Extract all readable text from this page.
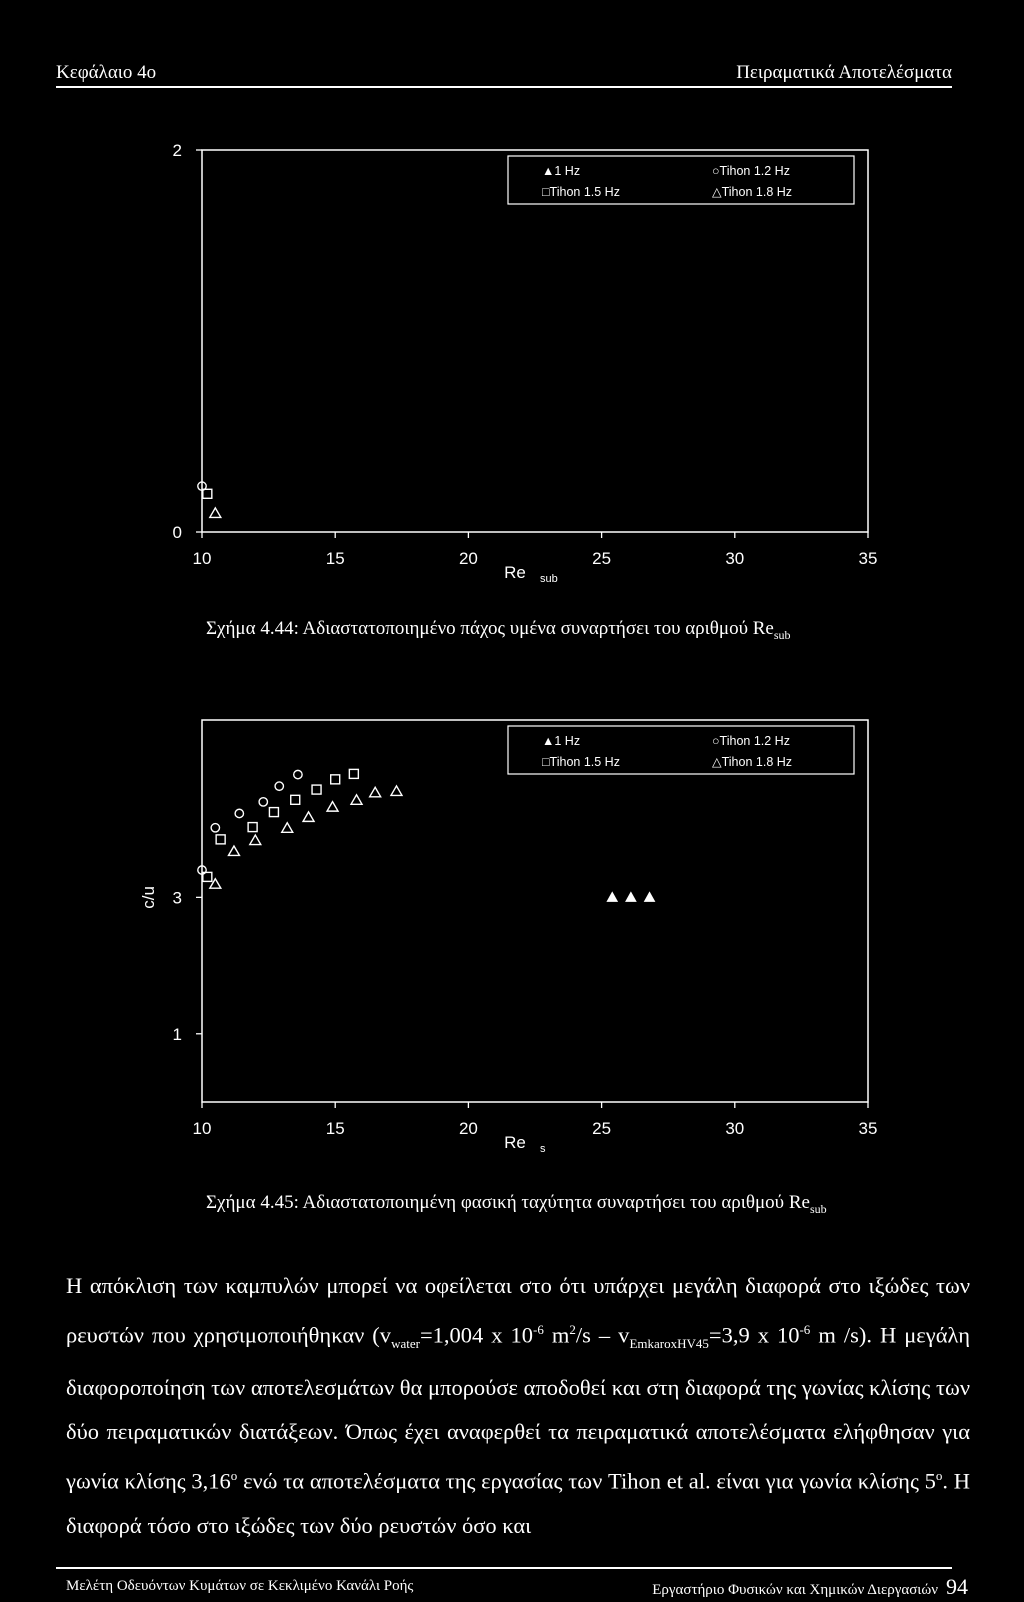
Κεφάλαιο 4ο	Πειραματικά Αποτελέσματα
10	15	20	25	30	35
0
2
Re sub
▲1 Hz	○Tihon 1.2 Hz
□Tihon 1.5 Hz	△Tihon 1.8 Hz
Σχήμα 4.44: Αδιαστατοποιημένο πάχος υμένα συναρτήσει του αριθμού $Re_{sub}$
10	15	20	25	30	35
1
3
Re s
c/u
▲1 Hz	○Tihon 1.2 Hz
□Tihon 1.5 Hz	△Tihon 1.8 Hz
Σχήμα 4.45: Αδιαστατοποιημένη φασική ταχύτητα συναρτήσει του αριθμού $Re_{sub}$
Η απόκλιση των καμπυλών μπορεί να οφείλεται στο ότι υπάρχει μεγάλη διαφορά στο ιξώδες των ρευστών που χρησιμοποιήθηκαν ($v_{water}=1,004$ x $10^{-6}$ $m^2/s - v_{EmkaroxHV45}=3,9$ x $10^{-6}$ m /s). Η μεγάλη διαφοροποίηση των αποτελεσμάτων θα μπορούσε αποδοθεί και στη διαφορά της γωνίας κλίσης των δύο πειραματικών διατάξεων. Όπως έχει αναφερθεί τα πειραματικά αποτελέσματα ελήφθησαν για γωνία κλίσης 3,16$^o$ ενώ τα αποτελέσματα της εργασίας των Tihon et al. είναι για γωνία κλίσης 5$^o$. Η διαφορά τόσο στο ιξώδες των δύο ρευστών όσο και
Μελέτη Οδευόντων Κυμάτων σε Κεκλιμένο Κανάλι Ροής	Εργαστήριο Φυσικών και Χημικών Διεργασιών 94
